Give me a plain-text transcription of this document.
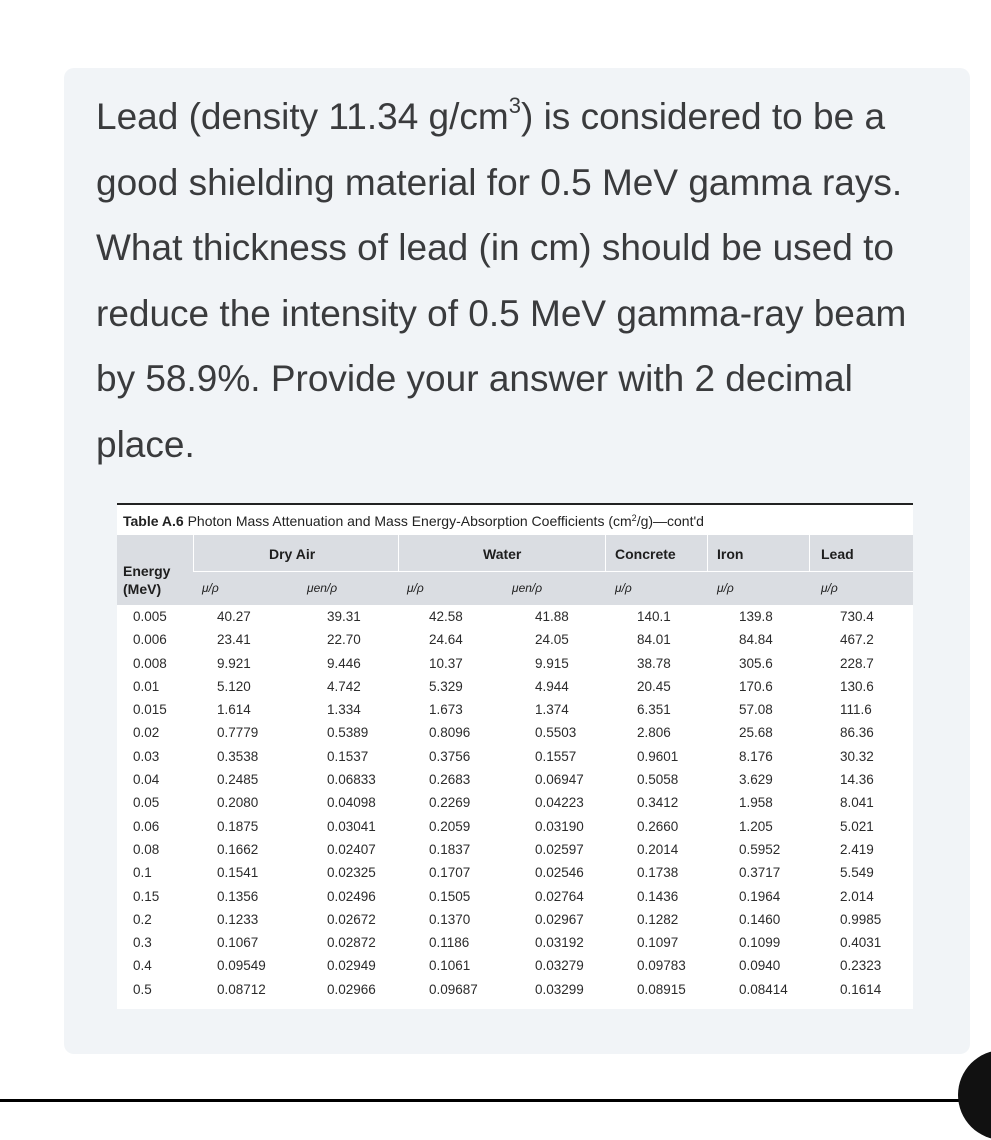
Lead (density 11.34 $g/cm^3$) is considered to be a good shielding material for 0.5 MeV gamma rays. What thickness of lead (in cm) should be used to reduce the intensity of 0.5 MeV gamma-ray beam by 58.9%. Provide your answer with 2 decimal place.

Table A.6 Photon Mass Attenuation and Mass Energy-Absorption Coefficients $(cm^2/g)—cont'd$
Energy
(MeV)
Dry Air	Water	Concrete	Iron	Lead
μ/ρ	μen/ρ	μ/ρ	μen/ρ	μ/ρ	μ/ρ	μ/ρ
0.005	40.27	39.31	42.58	41.88	140.1	139.8	730.4
0.006	23.41	22.70	24.64	24.05	84.01	84.84	467.2
0.008	9.921	9.446	10.37	9.915	38.78	305.6	228.7
0.01	5.120	4.742	5.329	4.944	20.45	170.6	130.6
0.015	1.614	1.334	1.673	1.374	6.351	57.08	111.6
0.02	0.7779	0.5389	0.8096	0.5503	2.806	25.68	86.36
0.03	0.3538	0.1537	0.3756	0.1557	0.9601	8.176	30.32
0.04	0.2485	0.06833	0.2683	0.06947	0.5058	3.629	14.36
0.05	0.2080	0.04098	0.2269	0.04223	0.3412	1.958	8.041
0.06	0.1875	0.03041	0.2059	0.03190	0.2660	1.205	5.021
0.08	0.1662	0.02407	0.1837	0.02597	0.2014	0.5952	2.419
0.1	0.1541	0.02325	0.1707	0.02546	0.1738	0.3717	5.549
0.15	0.1356	0.02496	0.1505	0.02764	0.1436	0.1964	2.014
0.2	0.1233	0.02672	0.1370	0.02967	0.1282	0.1460	0.9985
0.3	0.1067	0.02872	0.1186	0.03192	0.1097	0.1099	0.4031
0.4	0.09549	0.02949	0.1061	0.03279	0.09783	0.0940	0.2323
0.5	0.08712	0.02966	0.09687	0.03299	0.08915	0.08414	0.1614
